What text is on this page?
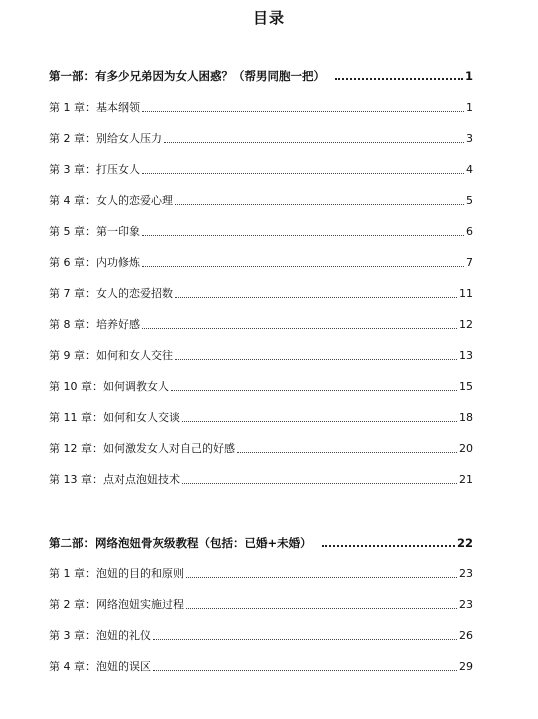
目录
第一部：有多少兄弟因为女人困惑？（帮男同胞一把）	1
第 1 章：基本纲领	1
第 2 章：别给女人压力	3
第 3 章：打压女人	4
第 4 章：女人的恋爱心理	5
第 5 章：第一印象	6
第 6 章：内功修炼	7
第 7 章：女人的恋爱招数	11
第 8 章：培养好感	12
第 9 章：如何和女人交往	13
第 10 章：如何调教女人	15
第 11 章：如何和女人交谈	18
第 12 章：如何激发女人对自己的好感	20
第 13 章：点对点泡妞技术	21
第二部：网络泡妞骨灰级教程（包括：已婚+未婚）	22
第 1 章：泡妞的目的和原则	23
第 2 章：网络泡妞实施过程	23
第 3 章：泡妞的礼仪	26
第 4 章：泡妞的误区	29
